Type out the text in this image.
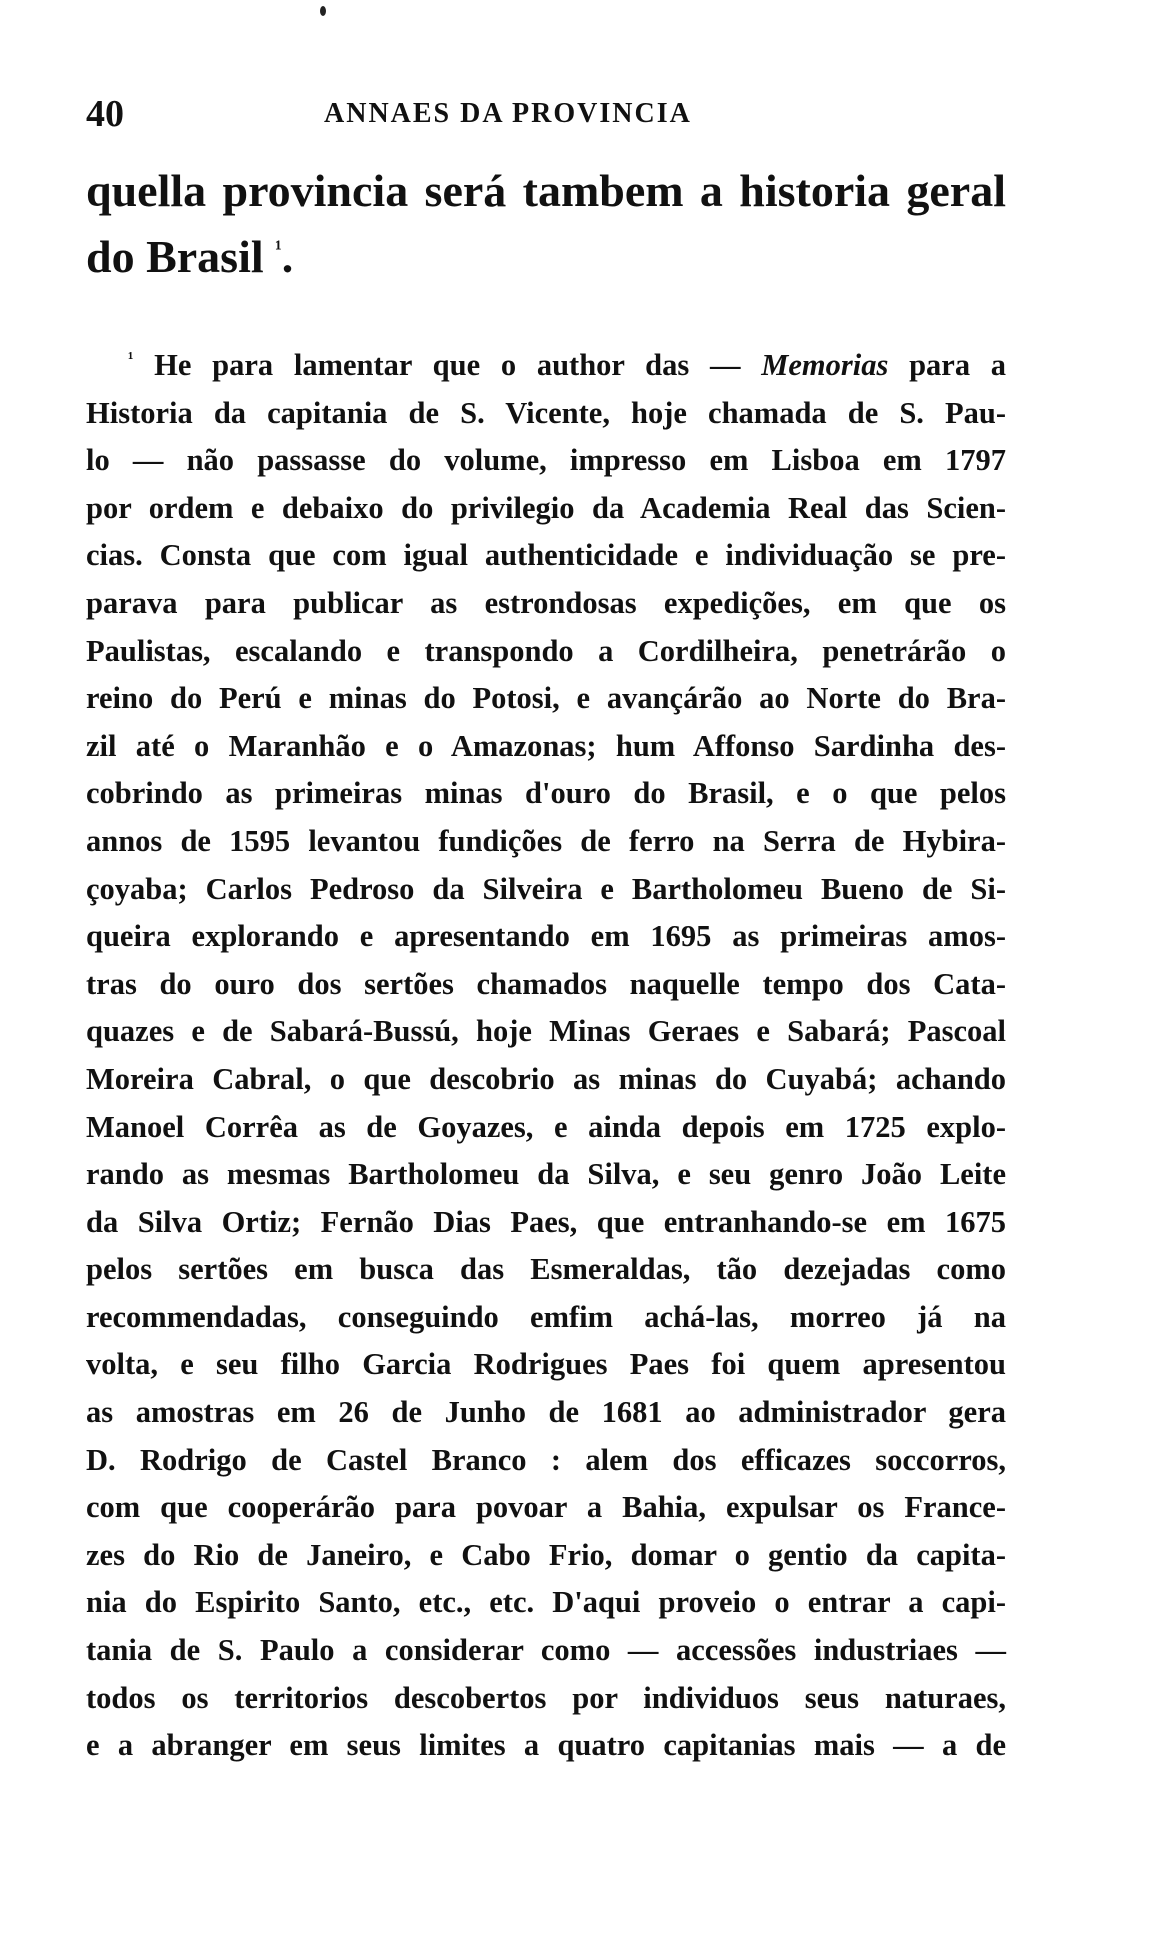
40	ANNAES DA PROVINCIA
quella provincia será tambem a historia geral
do Brasil $^{^1}$.
$^{^1}$ He para lamentar que o author das — Memorias para a
Historia da capitania de S. Vicente, hoje chamada de S. Pau-
lo — não passasse do volume, impresso em Lisboa em 1797
por ordem e debaixo do privilegio da Academia Real das Scien-
cias. Consta que com igual authenticidade e individuação se pre-
parava para publicar as estrondosas expedições, em que os
Paulistas, escalando e transpondo a Cordilheira, penetrárão o
reino do Perú e minas do Potosi, e avançárão ao Norte do Bra-
zil até o Maranhão e o Amazonas; hum Affonso Sardinha des-
cobrindo as primeiras minas d'ouro do Brasil, e o que pelos
annos de 1595 levantou fundições de ferro na Serra de Hybira-
çoyaba; Carlos Pedroso da Silveira e Bartholomeu Bueno de Si-
queira explorando e apresentando em 1695 as primeiras amos-
tras do ouro dos sertões chamados naquelle tempo dos Cata-
quazes e de Sabará-Bussú, hoje Minas Geraes e Sabará; Pascoal
Moreira Cabral, o que descobrio as minas do Cuyabá; achando
Manoel Corrêa as de Goyazes, e ainda depois em 1725 explo-
rando as mesmas Bartholomeu da Silva, e seu genro João Leite
da Silva Ortiz; Fernão Dias Paes, que entranhando-se em 1675
pelos sertões em busca das Esmeraldas, tão dezejadas como
recommendadas, conseguindo emfim achá-las, morreo já na
volta, e seu filho Garcia Rodrigues Paes foi quem apresentou
as amostras em 26 de Junho de 1681 ao administrador gera
D. Rodrigo de Castel Branco : alem dos efficazes soccorros,
com que cooperárão para povoar a Bahia, expulsar os France-
zes do Rio de Janeiro, e Cabo Frio, domar o gentio da capita-
nia do Espirito Santo, etc., etc. D'aqui proveio o entrar a capi-
tania de S. Paulo a considerar como — accessões industriaes —
todos os territorios descobertos por individuos seus naturaes,
e a abranger em seus limites a quatro capitanias mais — a de
